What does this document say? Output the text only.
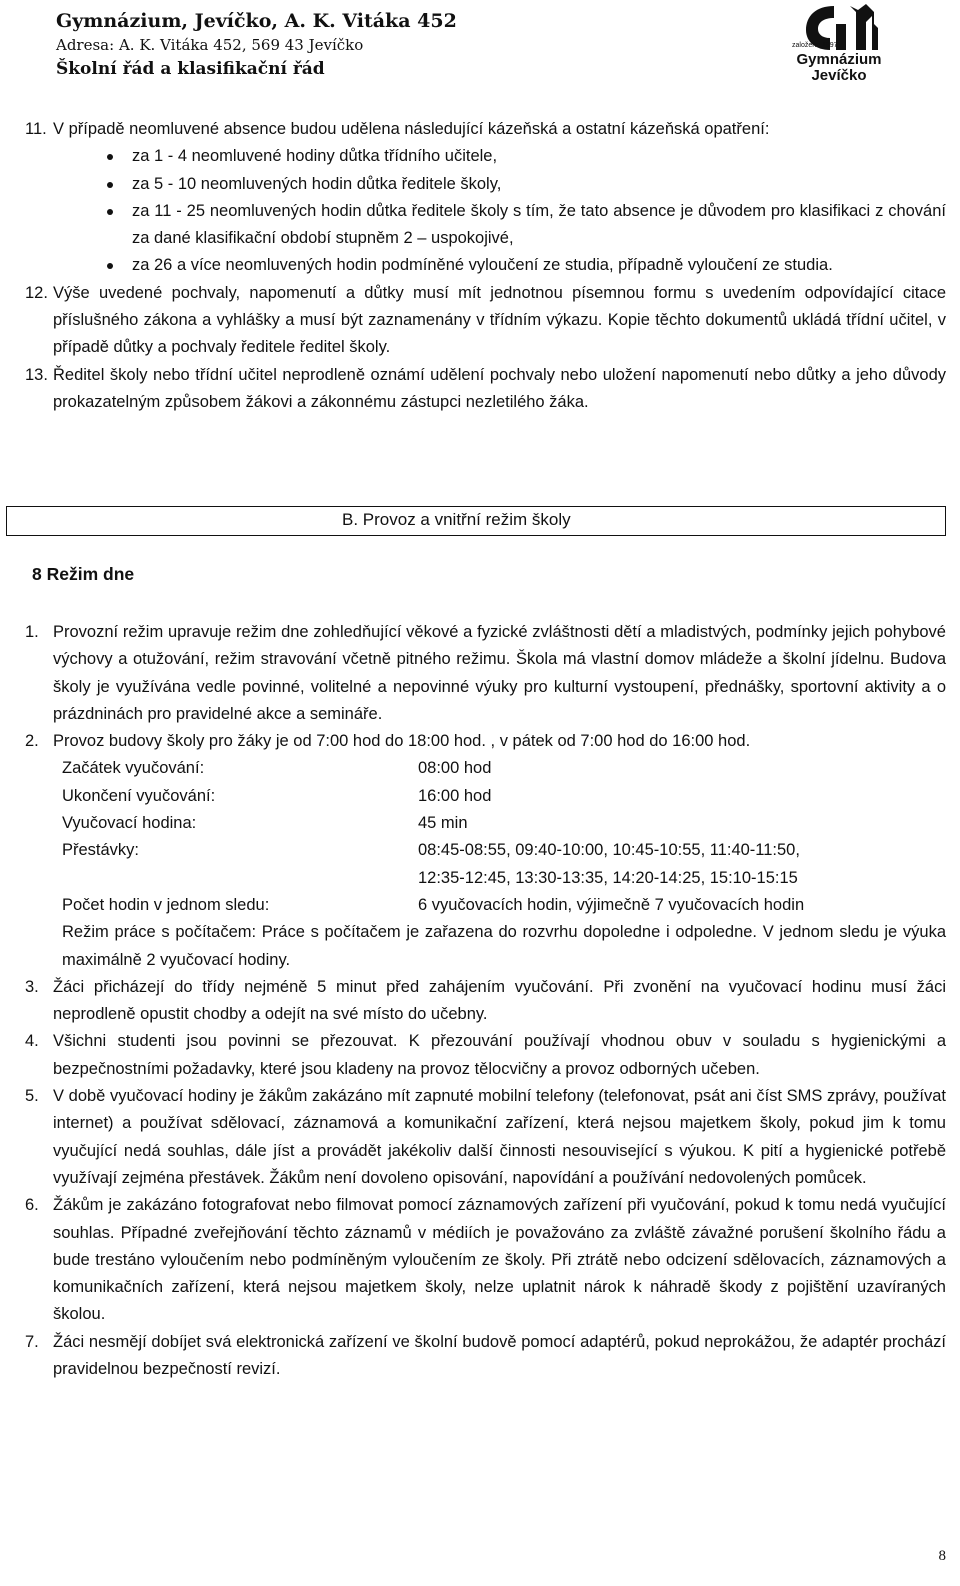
Gymnázium, Jevíčko, A. K. Vitáka 452
Adresa: A. K. Vitáka 452, 569 43 Jevíčko
Školní řád a klasifikační řád
založeno 1897
Gymnázium
Jevíčko
11. V případě neomluvené absence budou udělena následující kázeňská a ostatní kázeňská opatření:
za 1 - 4 neomluvené hodiny důtka třídního učitele,
za 5 - 10 neomluvených hodin důtka ředitele školy,
za 11 - 25 neomluvených hodin důtka ředitele školy s tím, že tato absence je důvodem pro klasifikaci z chování za dané klasifikační období stupněm 2 – uspokojivé,
za 26 a více neomluvených hodin podmíněné vyloučení ze studia, případně vyloučení ze studia.
12. Výše uvedené pochvaly, napomenutí a důtky musí mít jednotnou písemnou formu s uvedením odpovídající citace příslušného zákona a vyhlášky a musí být zaznamenány v třídním výkazu. Kopie těchto dokumentů ukládá třídní učitel, v případě důtky a pochvaly ředitele ředitel školy.
13. Ředitel školy nebo třídní učitel neprodleně oznámí udělení pochvaly nebo uložení napomenutí nebo důtky a jeho důvody prokazatelným způsobem žákovi a zákonnému zástupci nezletilého žáka.
B. Provoz a vnitřní režim školy
8 Režim dne
1. Provozní režim upravuje režim dne zohledňující věkové a fyzické zvláštnosti dětí a mladistvých, podmínky jejich pohybové výchovy a otužování, režim stravování včetně pitného režimu. Škola má vlastní domov mládeže a školní jídelnu. Budova školy je využívána vedle povinné, volitelné a nepovinné výuky pro kulturní vystoupení, přednášky, sportovní aktivity a o prázdninách pro pravidelné akce a semináře.
2. Provoz budovy školy pro žáky je od 7:00 hod do 18:00 hod. , v pátek od 7:00 hod do 16:00 hod.
Začátek vyučování:	08:00 hod
Ukončení vyučování:	16:00 hod
Vyučovací hodina:	45 min
Přestávky:	08:45-08:55, 09:40-10:00, 10:45-10:55, 11:40-11:50,
12:35-12:45, 13:30-13:35, 14:20-14:25, 15:10-15:15
Počet hodin v jednom sledu:	6 vyučovacích hodin, výjimečně 7 vyučovacích hodin
Režim práce s počítačem: Práce s počítačem je zařazena do rozvrhu dopoledne i odpoledne. V jednom sledu je výuka maximálně 2 vyučovací hodiny.
3. Žáci přicházejí do třídy nejméně 5 minut před zahájením vyučování. Při zvonění na vyučovací hodinu musí žáci neprodleně opustit chodby a odejít na své místo do učebny.
4. Všichni studenti jsou povinni se přezouvat. K přezouvání používají vhodnou obuv v souladu s hygienickými a bezpečnostními požadavky, které jsou kladeny na provoz tělocvičny a provoz odborných učeben.
5. V době vyučovací hodiny je žákům zakázáno mít zapnuté mobilní telefony (telefonovat, psát ani číst SMS zprávy, používat internet) a používat sdělovací, záznamová a komunikační zařízení, která nejsou majetkem školy, pokud jim k tomu vyučující nedá souhlas, dále jíst a provádět jakékoliv další činnosti nesouvisející s výukou. K pití a hygienické potřebě využívají zejména přestávek. Žákům není dovoleno opisování, napovídání a používání nedovolených pomůcek.
6. Žákům je zakázáno fotografovat nebo filmovat pomocí záznamových zařízení při vyučování, pokud k tomu nedá vyučující souhlas. Případné zveřejňování těchto záznamů v médiích je považováno za zvláště závažné porušení školního řádu a bude trestáno vyloučením nebo podmíněným vyloučením ze školy. Při ztrátě nebo odcizení sdělovacích, záznamových a komunikačních zařízení, která nejsou majetkem školy, nelze uplatnit nárok k náhradě škody z pojištění uzavíraných školou.
7. Žáci nesmějí dobíjet svá elektronická zařízení ve školní budově pomocí adaptérů, pokud neprokážou, že adaptér prochází pravidelnou bezpečností revizí.
8
